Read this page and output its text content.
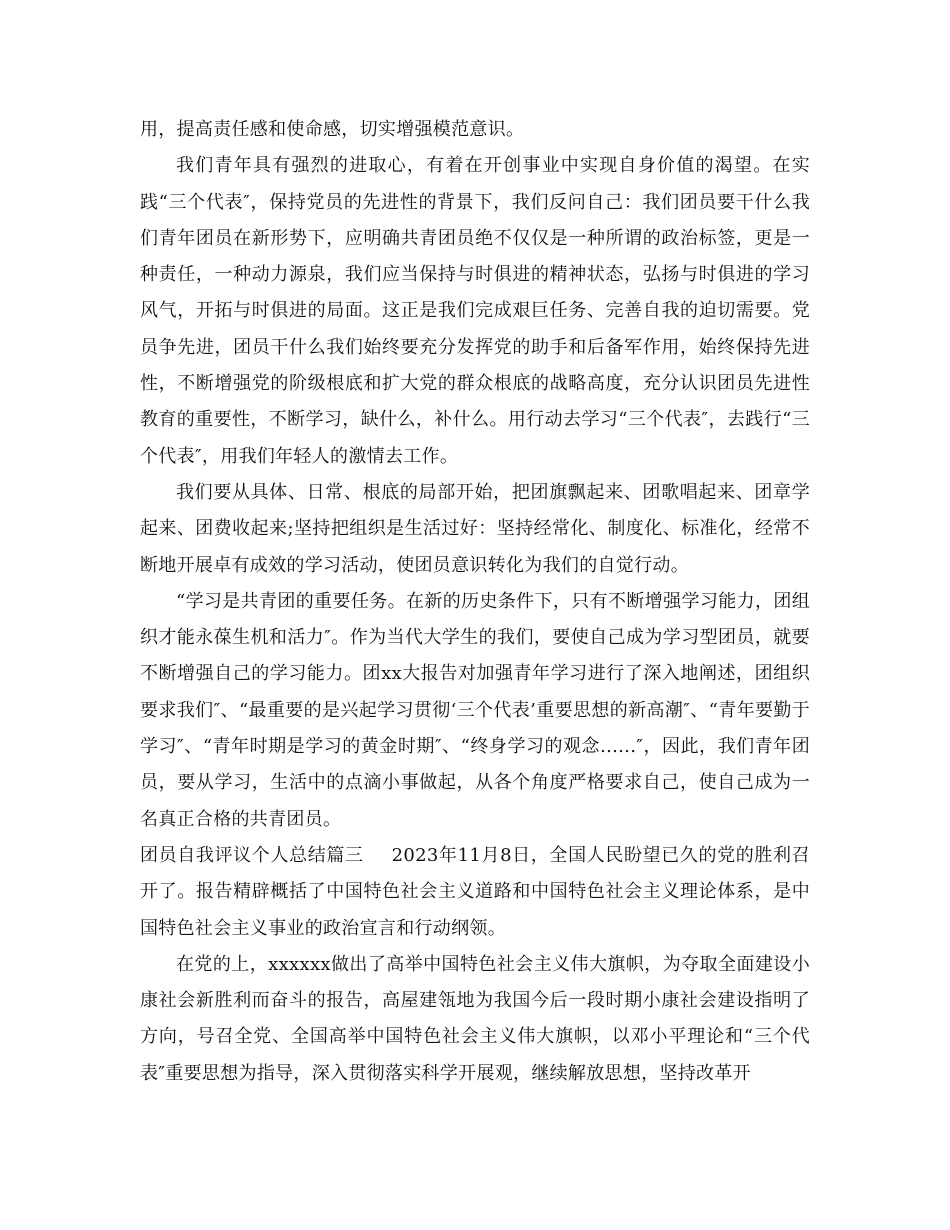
用，提高责任感和使命感，切实增强模范意识。

我们青年具有强烈的进取心，有着在开创事业中实现自身价值的渴望。在实践“三个代表″，保持党员的先进性的背景下，我们反问自己：我们团员要干什么我们青年团员在新形势下，应明确共青团员绝不仅仅是一种所谓的政治标签，更是一种责任，一种动力源泉，我们应当保持与时俱进的精神状态，弘扬与时俱进的学习风气，开拓与时俱进的局面。这正是我们完成艰巨任务、完善自我的迫切需要。党员争先进，团员干什么我们始终要充分发挥党的助手和后备军作用，始终保持先进性，不断增强党的阶级根底和扩大党的群众根底的战略高度，充分认识团员先进性教育的重要性，不断学习，缺什么，补什么。用行动去学习“三个代表″，去践行“三个代表″，用我们年轻人的激情去工作。

我们要从具体、日常、根底的局部开始，把团旗飘起来、团歌唱起来、团章学起来、团费收起来;坚持把组织是生活过好：坚持经常化、制度化、标准化，经常不断地开展卓有成效的学习活动，使团员意识转化为我们的自觉行动。

“学习是共青团的重要任务。在新的历史条件下，只有不断增强学习能力，团组织才能永葆生机和活力″。作为当代大学生的我们，要使自己成为学习型团员，就要不断增强自己的学习能力。团xx大报告对加强青年学习进行了深入地阐述，团组织要求我们″、“最重要的是兴起学习贯彻‘三个代表’重要思想的新高潮″、“青年要勤于学习″、“青年时期是学习的黄金时期″、“终身学习的观念......″，因此，我们青年团员，要从学习，生活中的点滴小事做起，从各个角度严格要求自己，使自己成为一名真正合格的共青团员。

团员自我评议个人总结篇三 2023年11月8日，全国人民盼望已久的党的胜利召开了。报告精辟概括了中国特色社会主义道路和中国特色社会主义理论体系，是中国特色社会主义事业的政治宣言和行动纲领。

在党的上，xxxxxx做出了高举中国特色社会主义伟大旗帜，为夺取全面建设小康社会新胜利而奋斗的报告，高屋建瓴地为我国今后一段时期小康社会建设指明了方向，号召全党、全国高举中国特色社会主义伟大旗帜，以邓小平理论和“三个代表″重要思想为指导，深入贯彻落实科学开展观，继续解放思想，坚持改革开
